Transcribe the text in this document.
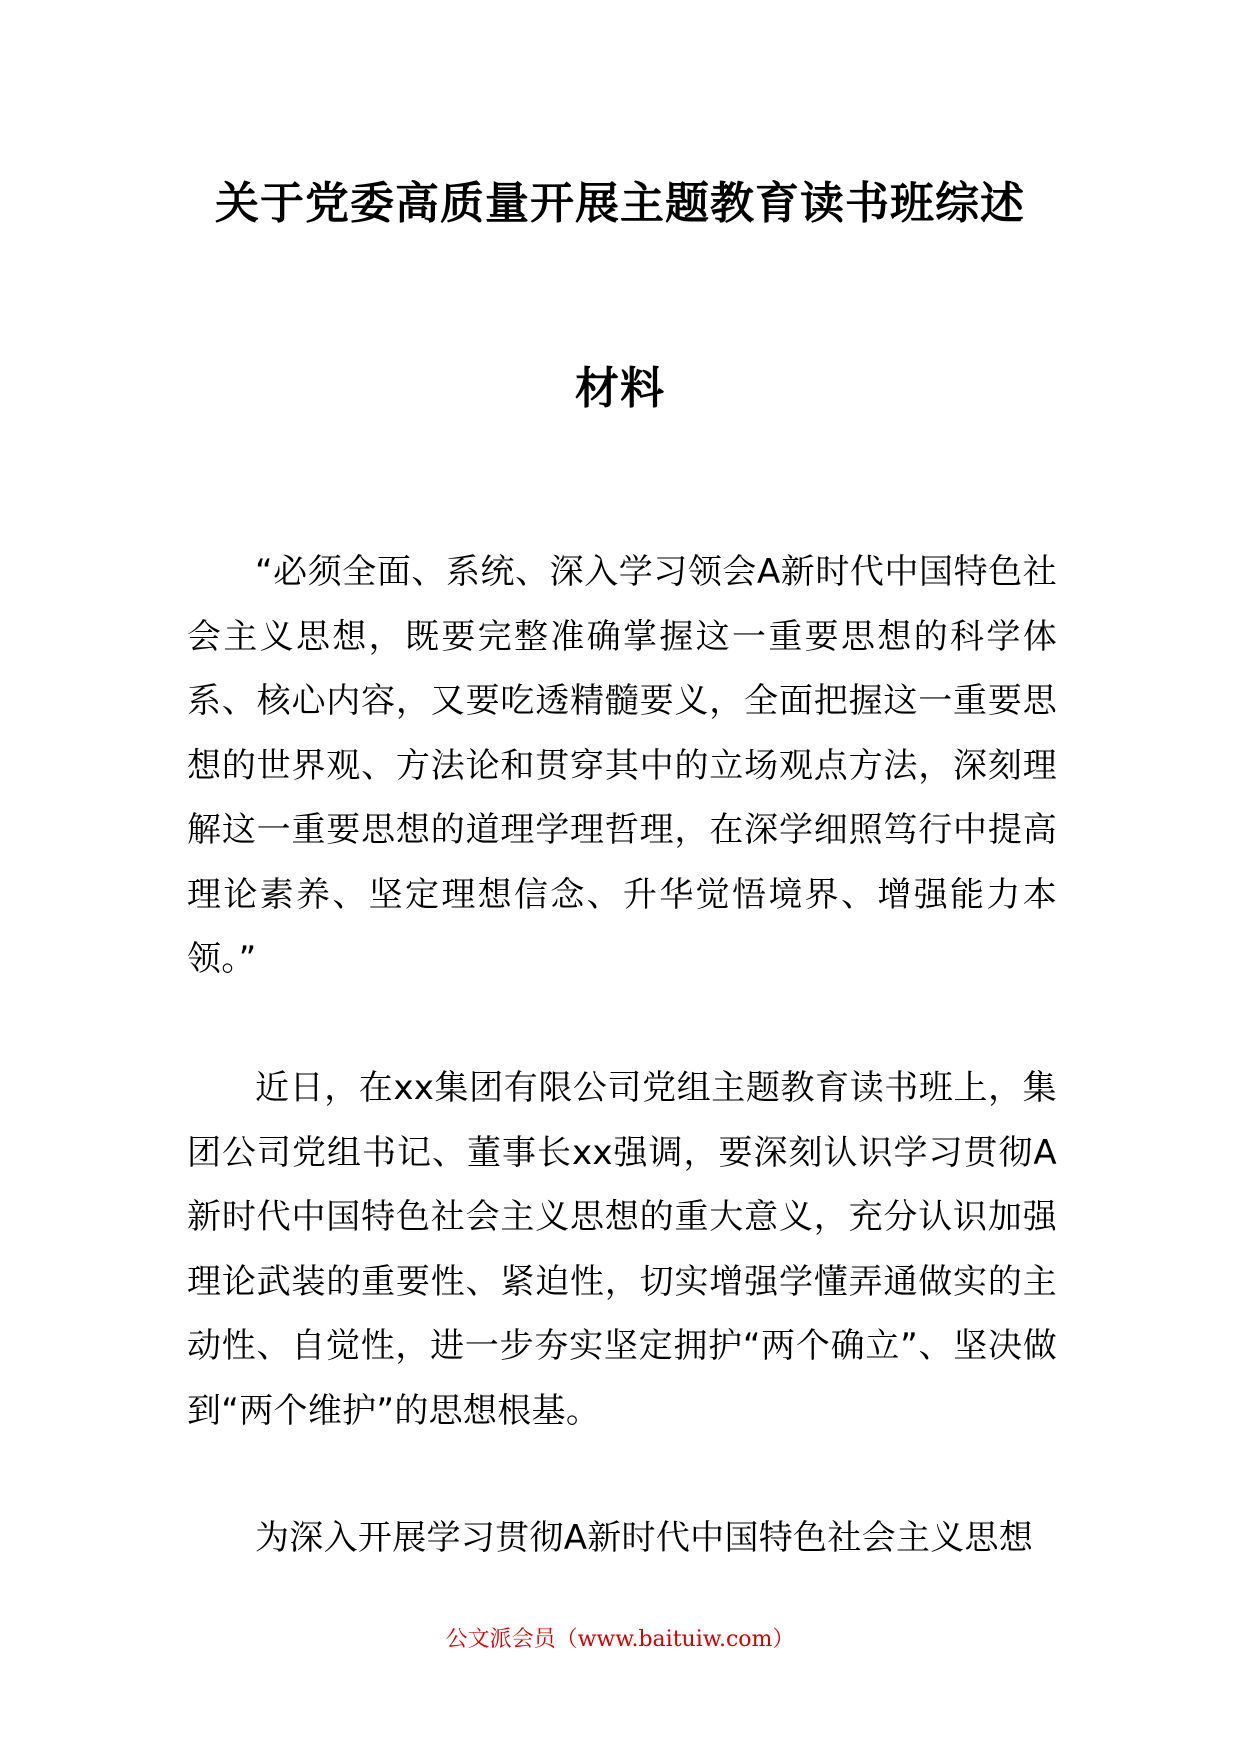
关于党委高质量开展主题教育读书班综述
材料

“必须全面、系统、深入学习领会A新时代中国特色社会主义思想，既要完整准确掌握这一重要思想的科学体系、核心内容，又要吃透精髓要义，全面把握这一重要思想的世界观、方法论和贯穿其中的立场观点方法，深刻理解这一重要思想的道理学理哲理，在深学细照笃行中提高理论素养、坚定理想信念、升华觉悟境界、增强能力本领。”

近日，在xx集团有限公司党组主题教育读书班上，集团公司党组书记、董事长xx强调，要深刻认识学习贯彻A新时代中国特色社会主义思想的重大意义，充分认识加强理论武装的重要性、紧迫性，切实增强学懂弄通做实的主动性、自觉性，进一步夯实坚定拥护“两个确立”、坚决做到“两个维护”的思想根基。

为深入开展学习贯彻A新时代中国特色社会主义思想

公文派会员（www.baituiw.com）
